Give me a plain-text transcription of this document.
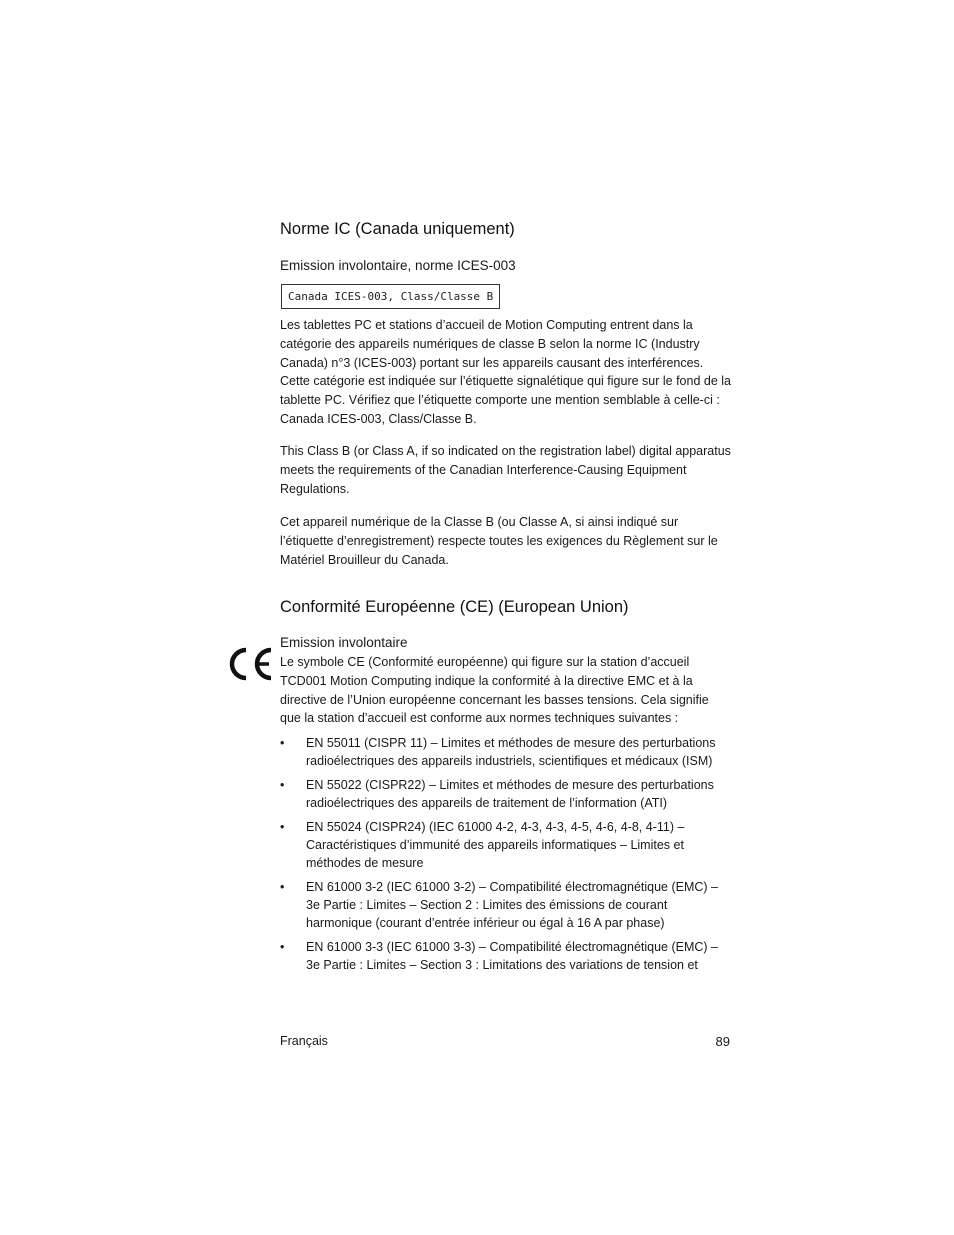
Norme IC (Canada uniquement)

Emission involontaire, norme ICES-003

Canada ICES-003, Class/Classe B

Les tablettes PC et stations d’accueil de Motion Computing entrent dans la catégorie des appareils numériques de classe B selon la norme IC (Industry Canada) n°3 (ICES-003) portant sur les appareils causant des interférences. Cette catégorie est indiquée sur l’étiquette signalétique qui figure sur le fond de la tablette PC. Vérifiez que l’étiquette comporte une mention semblable à celle-ci : Canada ICES-003, Class/Classe B.

This Class B (or Class A, if so indicated on the registration label) digital apparatus meets the requirements of the Canadian Interference-Causing Equipment Regulations.

Cet appareil numérique de la Classe B (ou Classe A, si ainsi indiqué sur l’étiquette d’enregistrement) respecte toutes les exigences du Règlement sur le Matériel Brouilleur du Canada.

Conformité Européenne (CE) (European Union)

Emission involontaire

Le symbole CE (Conformité européenne) qui figure sur la station d’accueil TCD001 Motion Computing indique la conformité à la directive EMC et à la directive de l’Union européenne concernant les basses tensions. Cela signifie que la station d’accueil est conforme aux normes techniques suivantes :

• EN 55011 (CISPR 11) – Limites et méthodes de mesure des perturbations radioélectriques des appareils industriels, scientifiques et médicaux (ISM)
• EN 55022 (CISPR22) – Limites et méthodes de mesure des perturbations radioélectriques des appareils de traitement de l’information (ATI)
• EN 55024 (CISPR24) (IEC 61000 4-2, 4-3, 4-3, 4-5, 4-6, 4-8, 4-11) – Caractéristiques d’immunité des appareils informatiques – Limites et méthodes de mesure
• EN 61000 3-2 (IEC 61000 3-2) – Compatibilité électromagnétique (EMC) – 3e Partie : Limites – Section 2 : Limites des émissions de courant harmonique (courant d’entrée inférieur ou égal à 16 A par phase)
• EN 61000 3-3 (IEC 61000 3-3) – Compatibilité électromagnétique (EMC) – 3e Partie : Limites – Section 3 : Limitations des variations de tension et
Français	89
